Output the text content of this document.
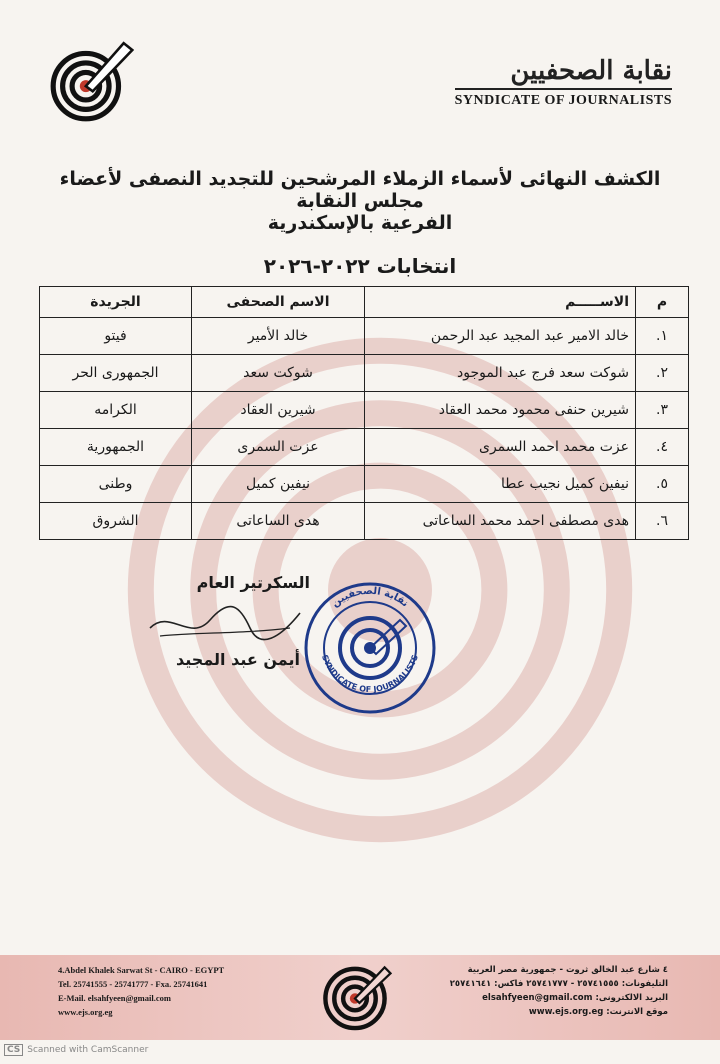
نقابة الصحفيين
SYNDICATE OF JOURNALISTS
الكشف النهائى لأسماء الزملاء المرشحين للتجديد النصفى لأعضاء مجلس النقابة
الفرعية بالإسكندرية
انتخابات ٢٠٢٢-٢٠٢٦
م	الاســـــم	الاسم الصحفى	الجريدة
١.	خالد الامير عبد المجيد عبد الرحمن	خالد الأمير	فيتو
٢.	شوكت سعد فرج عبد الموجود	شوكت سعد	الجمهورى الحر
٣.	شيرين حنفى محمود محمد العقاد	شيرين العقاد	الكرامه
٤.	عزت محمد احمد السمرى	عزت السمرى	الجمهورية
٥.	نيفين كميل نجيب عطا	نيفين كميل	وطنى
٦.	هدى مصطفى احمد محمد الساعاتى	هدى الساعاتى	الشروق
السكرتير العام
أيمن عبد المجيد
نقابة الصحفيين
SYNDICATE OF JOURNALISTS
4.Abdel Khalek Sarwat St - CAIRO - EGYPT
Tel. 25741555 - 25741777 - Fxa. 25741641
E-Mail. elsahfyeen@gmail.com
www.ejs.org.eg
٤ شارع عبد الخالق ثروت - جمهورية مصر العربية
التليفونات: ٢٥٧٤١٥٥٥ - ٢٥٧٤١٧٧٧ فاكس: ٢٥٧٤١٦٤١
البريد الالكترونى: elsahfyeen@gmail.com
موقع الانترنت: www.ejs.org.eg
CS Scanned with CamScanner
